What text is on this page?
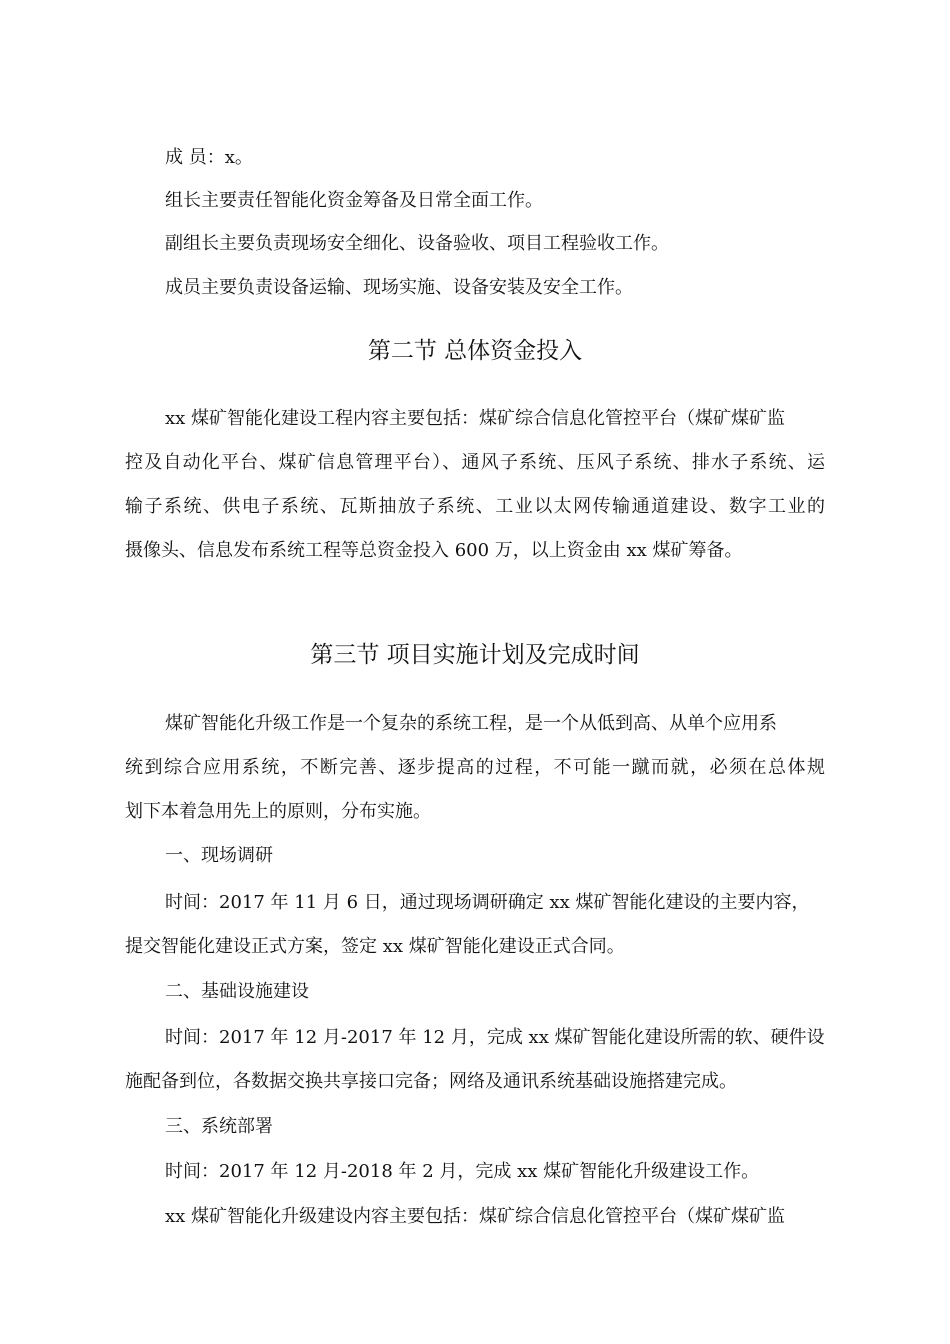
成 员：x。
组长主要责任智能化资金筹备及日常全面工作。
副组长主要负责现场安全细化、设备验收、项目工程验收工作。
成员主要负责设备运输、现场实施、设备安装及安全工作。
第二节 总体资金投入
xx 煤矿智能化建设工程内容主要包括：煤矿综合信息化管控平台（煤矿煤矿监
控及自动化平台、煤矿信息管理平台）、通风子系统、压风子系统、排水子系统、运
输子系统、供电子系统、瓦斯抽放子系统、工业以太网传输通道建设、数字工业的
摄像头、信息发布系统工程等总资金投入 600 万，以上资金由 xx 煤矿筹备。
第三节 项目实施计划及完成时间
煤矿智能化升级工作是一个复杂的系统工程，是一个从低到高、从单个应用系
统到综合应用系统，不断完善、逐步提高的过程，不可能一蹴而就，必须在总体规
划下本着急用先上的原则，分布实施。
一、现场调研
时间：2017 年 11 月 6 日，通过现场调研确定 xx 煤矿智能化建设的主要内容，
提交智能化建设正式方案，签定 xx 煤矿智能化建设正式合同。
二、基础设施建设
时间：2017 年 12 月-2017 年 12 月，完成 xx 煤矿智能化建设所需的软、硬件设
施配备到位，各数据交换共享接口完备；网络及通讯系统基础设施搭建完成。
三、系统部署
时间：2017 年 12 月-2018 年 2 月，完成 xx 煤矿智能化升级建设工作。
xx 煤矿智能化升级建设内容主要包括：煤矿综合信息化管控平台（煤矿煤矿监
